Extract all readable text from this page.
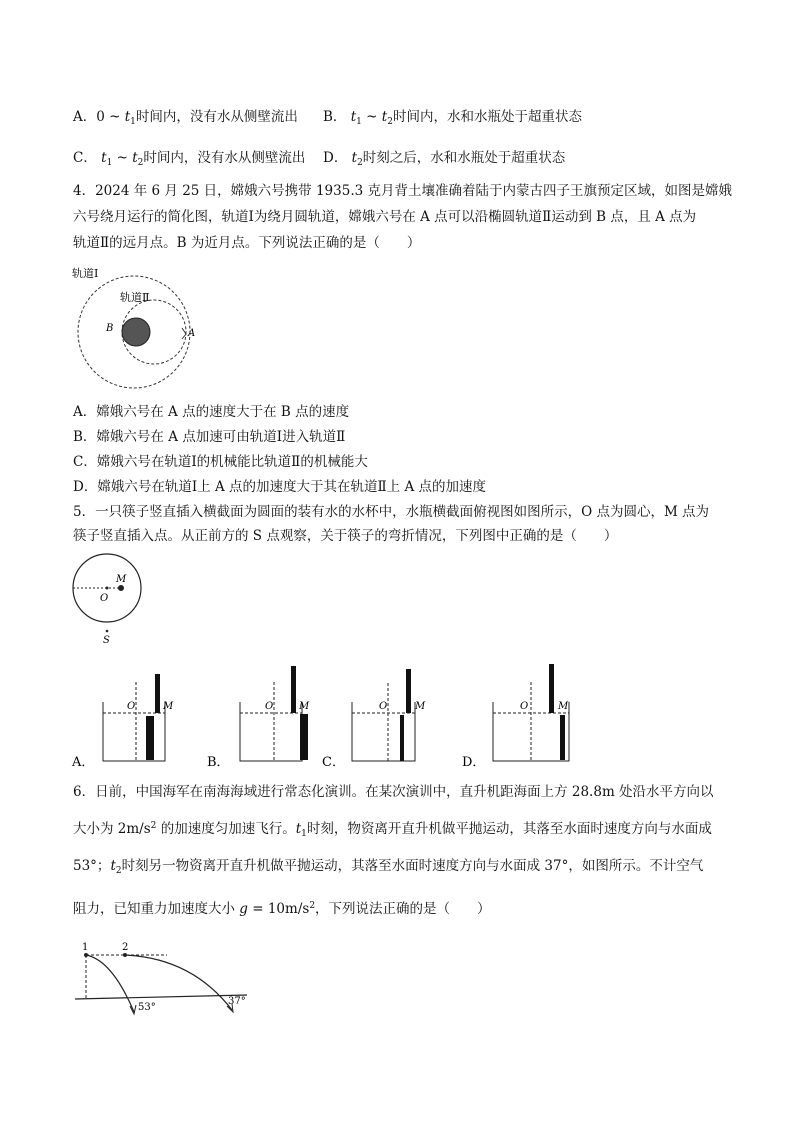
A．0 ~ $t_1$时间内，没有水从侧壁流出 B． $t_1$ ~ $t_2$时间内，水和水瓶处于超重状态
C． $t_1$ ~ $t_2$时间内，没有水从侧壁流出 D． $t_2$时刻之后，水和水瓶处于超重状态
4．2024 年 6 月 25 日，嫦娥六号携带 1935.3 克月背土壤准确着陆于内蒙古四子王旗预定区域，如图是嫦娥
六号绕月运行的简化图，轨道Ⅰ为绕月圆轨道，嫦娥六号在 A 点可以沿椭圆轨道Ⅱ运动到 B 点，且 A 点为
轨道Ⅱ的远月点。B 为近月点。下列说法正确的是（　　）
轨道Ⅰ
轨道Ⅱ
B	A
A．嫦娥六号在 A 点的速度大于在 B 点的速度
B．嫦娥六号在 A 点加速可由轨道Ⅰ进入轨道Ⅱ
C．嫦娥六号在轨道Ⅰ的机械能比轨道Ⅱ的机械能大
D．嫦娥六号在轨道Ⅰ上 A 点的加速度大于其在轨道Ⅱ上 A 点的加速度
5．一只筷子竖直插入横截面为圆面的装有水的水杯中，水瓶横截面俯视图如图所示，O 点为圆心，M 点为
筷子竖直插入点。从正前方的 S 点观察，关于筷子的弯折情况，下列图中正确的是（　　）
O
M
S
A．
O	M
B．
O	M
C．
O	M
D．
O	M
6．日前，中国海军在南海海域进行常态化演训。在某次演训中，直升机距海面上方 28.8m 处沿水平方向以
大小为 $2m/s^2$ 的加速度匀加速飞行。$t_1$时刻，物资离开直升机做平抛运动，其落至水面时速度方向与水面成
53°；$t_2$时刻另一物资离开直升机做平抛运动，其落至水面时速度方向与水面成 37°，如图所示。不计空气
阻力，已知重力加速度大小 $g = 10m/s^2$，下列说法正确的是（　　）
1	2
53°
37°
